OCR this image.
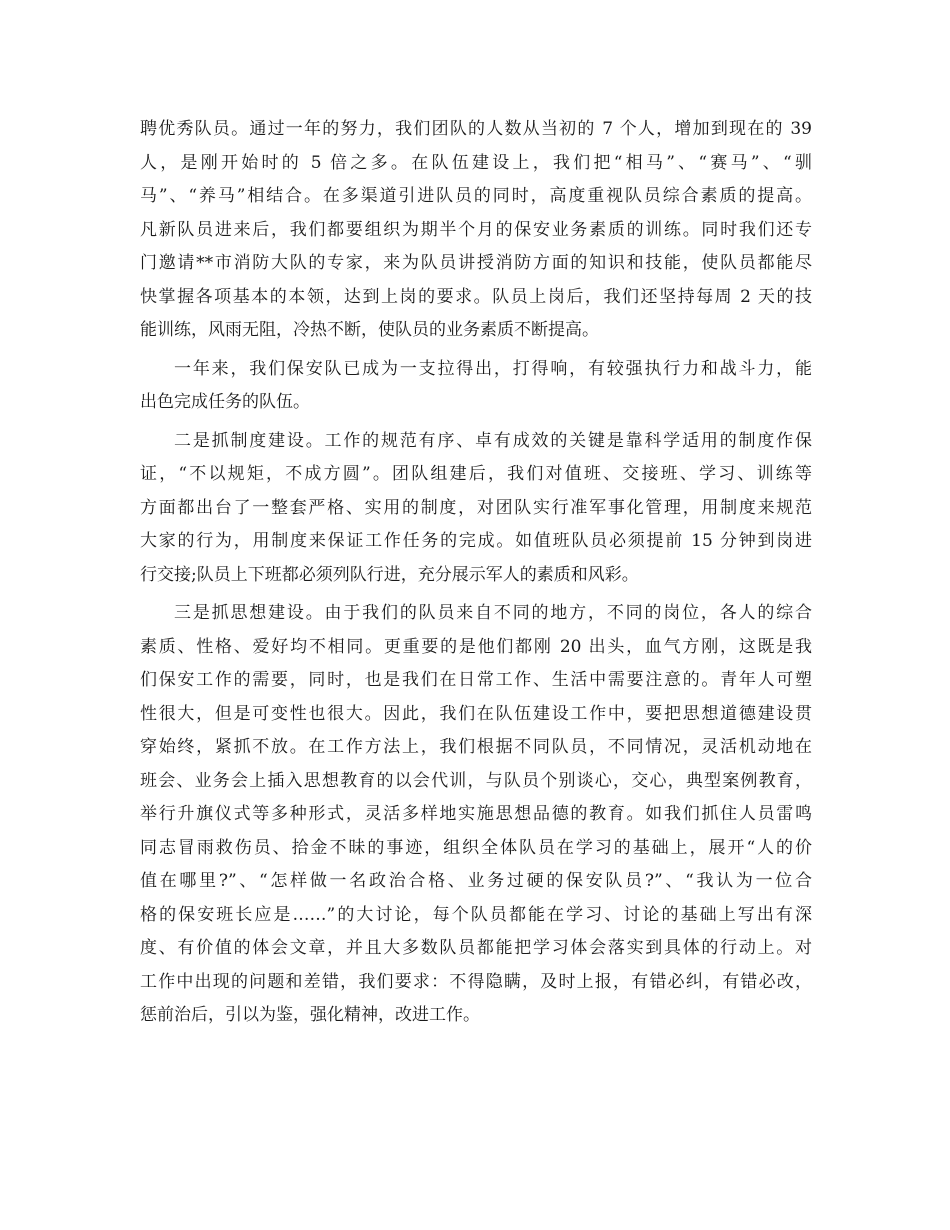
聘优秀队员。通过一年的努力，我们团队的人数从当初的 7 个人，增加到现在的 39
人，是刚开始时的 5 倍之多。在队伍建设上，我们把“相马”、“赛马”、“驯
马”、“养马”相结合。在多渠道引进队员的同时，高度重视队员综合素质的提高。
凡新队员进来后，我们都要组织为期半个月的保安业务素质的训练。同时我们还专
门邀请**市消防大队的专家，来为队员讲授消防方面的知识和技能，使队员都能尽
快掌握各项基本的本领，达到上岗的要求。队员上岗后，我们还坚持每周 2 天的技
能训练，风雨无阻，冷热不断，使队员的业务素质不断提高。
一年来，我们保安队已成为一支拉得出，打得响，有较强执行力和战斗力，能
出色完成任务的队伍。
二是抓制度建设。工作的规范有序、卓有成效的关键是靠科学适用的制度作保
证，“不以规矩，不成方圆”。团队组建后，我们对值班、交接班、学习、训练等
方面都出台了一整套严格、实用的制度，对团队实行准军事化管理，用制度来规范
大家的行为，用制度来保证工作任务的完成。如值班队员必须提前 15 分钟到岗进
行交接;队员上下班都必须列队行进，充分展示军人的素质和风彩。
三是抓思想建设。由于我们的队员来自不同的地方，不同的岗位，各人的综合
素质、性格、爱好均不相同。更重要的是他们都刚 20 出头，血气方刚，这既是我
们保安工作的需要，同时，也是我们在日常工作、生活中需要注意的。青年人可塑
性很大，但是可变性也很大。因此，我们在队伍建设工作中，要把思想道德建设贯
穿始终，紧抓不放。在工作方法上，我们根据不同队员，不同情况，灵活机动地在
班会、业务会上插入思想教育的以会代训，与队员个别谈心，交心，典型案例教育，
举行升旗仪式等多种形式，灵活多样地实施思想品德的教育。如我们抓住人员雷鸣
同志冒雨救伤员、拾金不昧的事迹，组织全体队员在学习的基础上，展开“人的价
值在哪里?”、“怎样做一名政治合格、业务过硬的保安队员?”、“我认为一位合
格的保安班长应是……”的大讨论，每个队员都能在学习、讨论的基础上写出有深
度、有价值的体会文章，并且大多数队员都能把学习体会落实到具体的行动上。对
工作中出现的问题和差错，我们要求：不得隐瞒，及时上报，有错必纠，有错必改，
惩前治后，引以为鉴，强化精神，改进工作。
